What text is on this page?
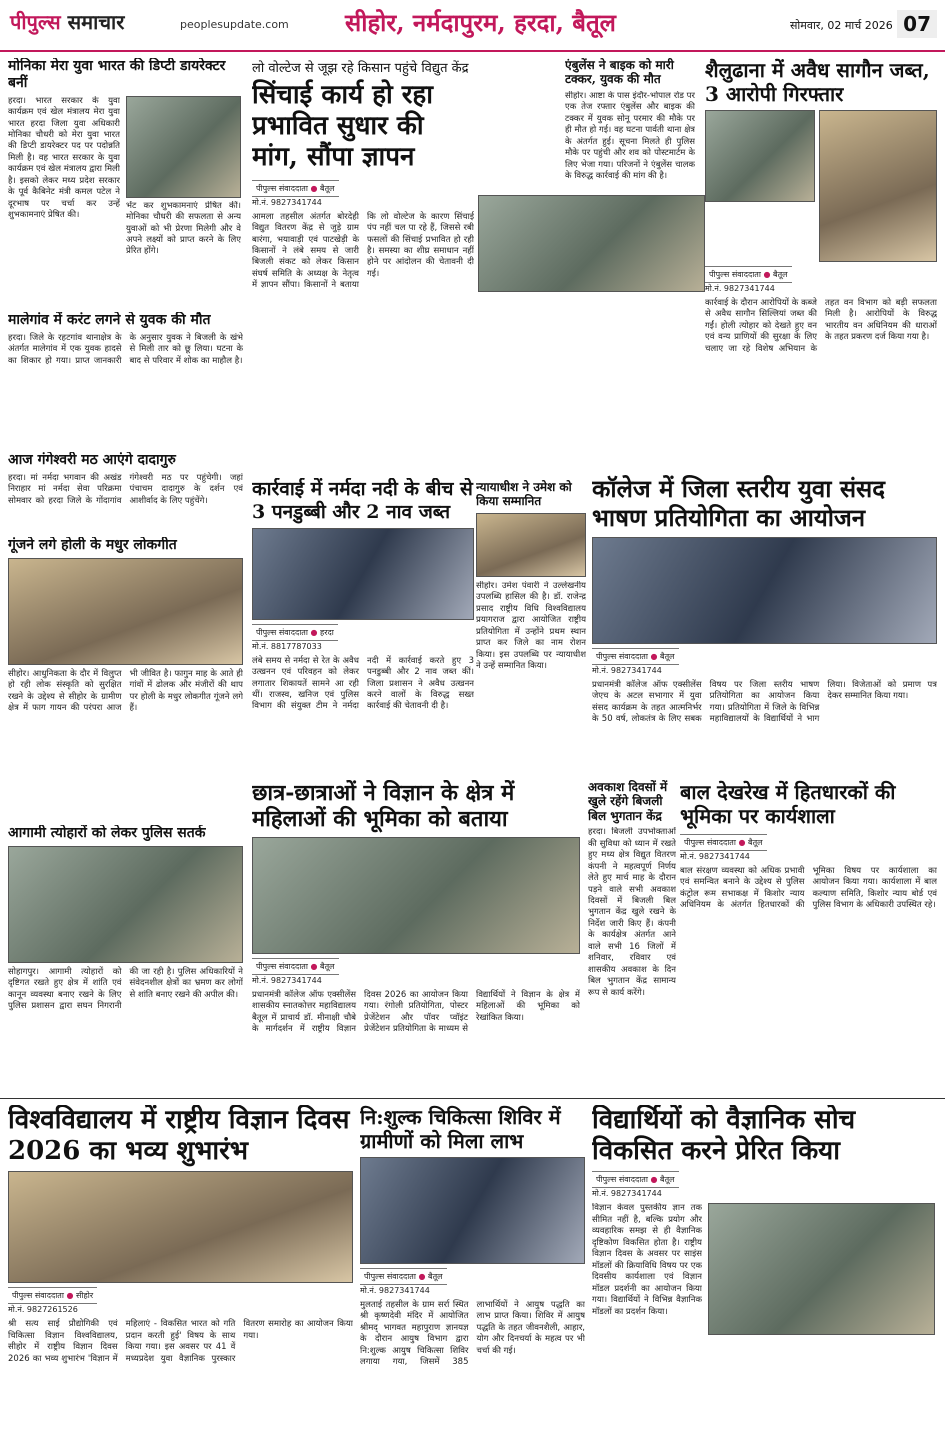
पीपुल्स समाचार	peoplesupdate.com सीहोर, नर्मदापुरम, हरदा, बैतूल	सोमवार, 02 मार्च 2026 07
मोनिका मेरा युवा भारत की डिप्टी डायरेक्टर बनीं
हरदा। भारत सरकार के युवा कार्यक्रम एवं खेल मंत्रालय मेरा युवा भारत हरदा जिला युवा अधिकारी मोनिका चौधरी को मेरा युवा भारत की डिप्टी डायरेक्टर पद पर पदोन्नति मिली है। वह भारत सरकार के युवा कार्यक्रम एवं खेल मंत्रालय द्वारा मिली है। इसको लेकर मध्य प्रदेश सरकार के पूर्व कैबिनेट मंत्री कमल पटेल ने दूरभाष पर चर्चा कर उन्हें शुभकामनाएं प्रेषित की।
भेंट कर शुभकामनाएं प्रेषित कीं। मोनिका चौधरी की सफलता से अन्य युवाओं को भी प्रेरणा मिलेगी और वे अपने लक्ष्यों को प्राप्त करने के लिए प्रेरित होंगे।
मालेगांव में करंट लगने से युवक की मौत
हरदा। जिले के रहटगांव थानाक्षेत्र के अंतर्गत मालेगांव में एक युवक हादसे का शिकार हो गया। प्राप्त जानकारी के अनुसार युवक ने बिजली के खंभे से मिली तार को छू लिया। घटना के बाद से परिवार में शोक का माहौल है।
आज गंगेश्वरी मठ आएंगे दादागुरु
हरदा। मां नर्मदा भगवान की अखंड निराहार मां नर्मदा सेवा परिक्रमा सोमवार को हरदा जिले के गोंदागांव गंगेश्वरी मठ पर पहुंचेगी। जहां पंचाचम दादागुरु के दर्शन एवं आशीर्वाद के लिए पहुंचेंगे।
गूंजने लगे होली के मधुर लोकगीत
सीहोर। आधुनिकता के दौर में विलुप्त हो रही लोक संस्कृति को सुरक्षित रखने के उद्देश्य से सीहोर के ग्रामीण क्षेत्र में फाग गायन की परंपरा आज भी जीवित है। फागुन माह के आते ही गांवों में ढोलक और मंजीरों की थाप पर होली के मधुर लोकगीत गूंजने लगे हैं।
आगामी त्योहारों को लेकर पुलिस सतर्क
सोहागपुर। आगामी त्योहारों को दृष्टिगत रखते हुए क्षेत्र में शांति एवं कानून व्यवस्था बनाए रखने के लिए पुलिस प्रशासन द्वारा सघन निगरानी की जा रही है। पुलिस अधिकारियों ने संवेदनशील क्षेत्रों का भ्रमण कर लोगों से शांति बनाए रखने की अपील की।
लो वोल्टेज से जूझ रहे किसान पहुंचे विद्युत केंद्र
सिंचाई कार्य हो रहा प्रभावित सुधार की मांग, सौंपा ज्ञापन
पीपुल्स संवाददाता ● बैतूल
मो.नं. 9827341744
आमला तहसील अंतर्गत बोरदेही विद्युत वितरण केंद्र से जुड़े ग्राम बारंगा, भयावाड़ी एवं पाटखेड़ी के किसानों ने लंबे समय से जारी बिजली संकट को लेकर किसान संघर्ष समिति के अध्यक्ष के नेतृत्व में ज्ञापन सौंपा। किसानों ने बताया कि लो वोल्टेज के कारण सिंचाई पंप नहीं चल पा रहे हैं, जिससे रबी फसलों की सिंचाई प्रभावित हो रही है। समस्या का शीघ्र समाधान नहीं होने पर आंदोलन की चेतावनी दी गई।
कार्रवाई में नर्मदा नदी के बीच से 3 पनडुब्बी और 2 नाव जब्त
पीपुल्स संवाददाता ● हरदा
मो.नं. 8817787033
लंबे समय से नर्मदा से रेत के अवैध उत्खनन एवं परिवहन को लेकर लगातार शिकायतें सामने आ रही थीं। राजस्व, खनिज एवं पुलिस विभाग की संयुक्त टीम ने नर्मदा नदी में कार्रवाई करते हुए 3 पनडुब्बी और 2 नाव जब्त कीं। जिला प्रशासन ने अवैध उत्खनन करने वालों के विरुद्ध सख्त कार्रवाई की चेतावनी दी है।
न्यायाधीश ने उमेश को किया सम्मानित
सीहोर। उमेश पंवारी ने उल्लेखनीय उपलब्धि हासिल की है। डॉ. राजेन्द्र प्रसाद राष्ट्रीय विधि विश्वविद्यालय प्रयागराज द्वारा आयोजित राष्ट्रीय प्रतियोगिता में उन्होंने प्रथम स्थान प्राप्त कर जिले का नाम रोशन किया। इस उपलब्धि पर न्यायाधीश ने उन्हें सम्मानित किया।
एंबुलेंस ने बाइक को मारी टक्कर, युवक की मौत
सीहोर। आष्टा के पास इंदौर-भोपाल रोड पर एक तेज रफ्तार एंबुलेंस और बाइक की टक्कर में युवक सोनू परमार की मौके पर ही मौत हो गई। वह घटना पार्वती थाना क्षेत्र के अंतर्गत हुई। सूचना मिलते ही पुलिस मौके पर पहुंची और शव को पोस्टमार्टम के लिए भेजा गया। परिजनों ने एंबुलेंस चालक के विरुद्ध कार्रवाई की मांग की है।
शैलुढाना में अवैध सागौन जब्त, 3 आरोपी गिरफ्तार
पीपुल्स संवाददाता ● बैतूल
मो.नं. 9827341744
कार्रवाई के दौरान आरोपियों के कब्जे से अवैध सागौन सिल्लियां जब्त की गईं। होली त्योहार को देखते हुए वन एवं वन्य प्राणियों की सुरक्षा के लिए चलाए जा रहे विशेष अभियान के तहत वन विभाग को बड़ी सफलता मिली है। आरोपियों के विरुद्ध भारतीय वन अधिनियम की धाराओं के तहत प्रकरण दर्ज किया गया है।
कॉलेज में जिला स्तरीय युवा संसद भाषण प्रतियोगिता का आयोजन
पीपुल्स संवाददाता ● बैतूल
मो.नं. 9827341744
प्रधानमंत्री कॉलेज ऑफ एक्सीलेंस जेएच के अटल सभागार में युवा संसद कार्यक्रम के तहत आत्मनिर्भर के 50 वर्ष, लोकतंत्र के लिए सबक विषय पर जिला स्तरीय भाषण प्रतियोगिता का आयोजन किया गया। प्रतियोगिता में जिले के विभिन्न महाविद्यालयों के विद्यार्थियों ने भाग लिया। विजेताओं को प्रमाण पत्र देकर सम्मानित किया गया।
छात्र-छात्राओं ने विज्ञान के क्षेत्र में महिलाओं की भूमिका को बताया
पीपुल्स संवाददाता ● बैतूल
मो.नं. 9827341744
प्रधानमंत्री कॉलेज ऑफ एक्सीलेंस शासकीय स्नातकोत्तर महाविद्यालय बैतूल में प्राचार्य डॉ. मीनाक्षी चौबे के मार्गदर्शन में राष्ट्रीय विज्ञान दिवस 2026 का आयोजन किया गया। रंगोली प्रतियोगिता, पोस्टर प्रेजेंटेशन और पॉवर प्वॉइंट प्रेजेंटेशन प्रतियोगिता के माध्यम से विद्यार्थियों ने विज्ञान के क्षेत्र में महिलाओं की भूमिका को रेखांकित किया।
अवकाश दिवसों में खुले रहेंगे बिजली बिल भुगतान केंद्र
हरदा। बिजली उपभोक्ताओं की सुविधा को ध्यान में रखते हुए मध्य क्षेत्र विद्युत वितरण कंपनी ने महत्वपूर्ण निर्णय लेते हुए मार्च माह के दौरान पड़ने वाले सभी अवकाश दिवसों में बिजली बिल भुगतान केंद्र खुले रखने के निर्देश जारी किए हैं। कंपनी के कार्यक्षेत्र अंतर्गत आने वाले सभी 16 जिलों में शनिवार, रविवार एवं शासकीय अवकाश के दिन बिल भुगतान केंद्र सामान्य रूप से कार्य करेंगे।
बाल देखरेख में हितधारकों की भूमिका पर कार्यशाला
पीपुल्स संवाददाता ● बैतूल
मो.नं. 9827341744
बाल संरक्षण व्यवस्था को अधिक प्रभावी एवं समन्वित बनाने के उद्देश्य से पुलिस कंट्रोल रूम सभाकक्ष में किशोर न्याय अधिनियम के अंतर्गत हितधारकों की भूमिका विषय पर कार्यशाला का आयोजन किया गया। कार्यशाला में बाल कल्याण समिति, किशोर न्याय बोर्ड एवं पुलिस विभाग के अधिकारी उपस्थित रहे।
विश्वविद्यालय में राष्ट्रीय विज्ञान दिवस 2026 का भव्य शुभारंभ
पीपुल्स संवाददाता ● सीहोर
मो.नं. 9827261526
श्री सत्य साई प्रौद्योगिकी एवं चिकित्सा विज्ञान विश्वविद्यालय, सीहोर में राष्ट्रीय विज्ञान दिवस 2026 का भव्य शुभारंभ 'विज्ञान में महिलाएं - विकसित भारत को गति प्रदान करती हुई' विषय के साथ किया गया। इस अवसर पर 41 वें मध्यप्रदेश युवा वैज्ञानिक पुरस्कार वितरण समारोह का आयोजन किया गया।
नि:शुल्क चिकित्सा शिविर में ग्रामीणों को मिला लाभ
पीपुल्स संवाददाता ● बैतूल
मो.नं. 9827341744
मुलताई तहसील के ग्राम सर्रा स्थित श्री कृष्णदेवी मंदिर में आयोजित श्रीमद् भागवत महापुराण ज्ञानयज्ञ के दौरान आयुष विभाग द्वारा नि:शुल्क आयुष चिकित्सा शिविर लगाया गया, जिसमें 385 लाभार्थियों ने आयुष पद्धति का लाभ प्राप्त किया। शिविर में आयुष पद्धति के तहत जीवनशैली, आहार, योग और दिनचर्या के महत्व पर भी चर्चा की गई।
विद्यार्थियों को वैज्ञानिक सोच विकसित करने प्रेरित किया
पीपुल्स संवाददाता ● बैतूल
मो.नं. 9827341744
विज्ञान केवल पुस्तकीय ज्ञान तक सीमित नहीं है, बल्कि प्रयोग और व्यवहारिक समझ से ही वैज्ञानिक दृष्टिकोण विकसित होता है। राष्ट्रीय विज्ञान दिवस के अवसर पर साइंस मॉडलों की क्रियाविधि विषय पर एक दिवसीय कार्यशाला एवं विज्ञान मॉडल प्रदर्शनी का आयोजन किया गया। विद्यार्थियों ने विभिन्न वैज्ञानिक मॉडलों का प्रदर्शन किया।
